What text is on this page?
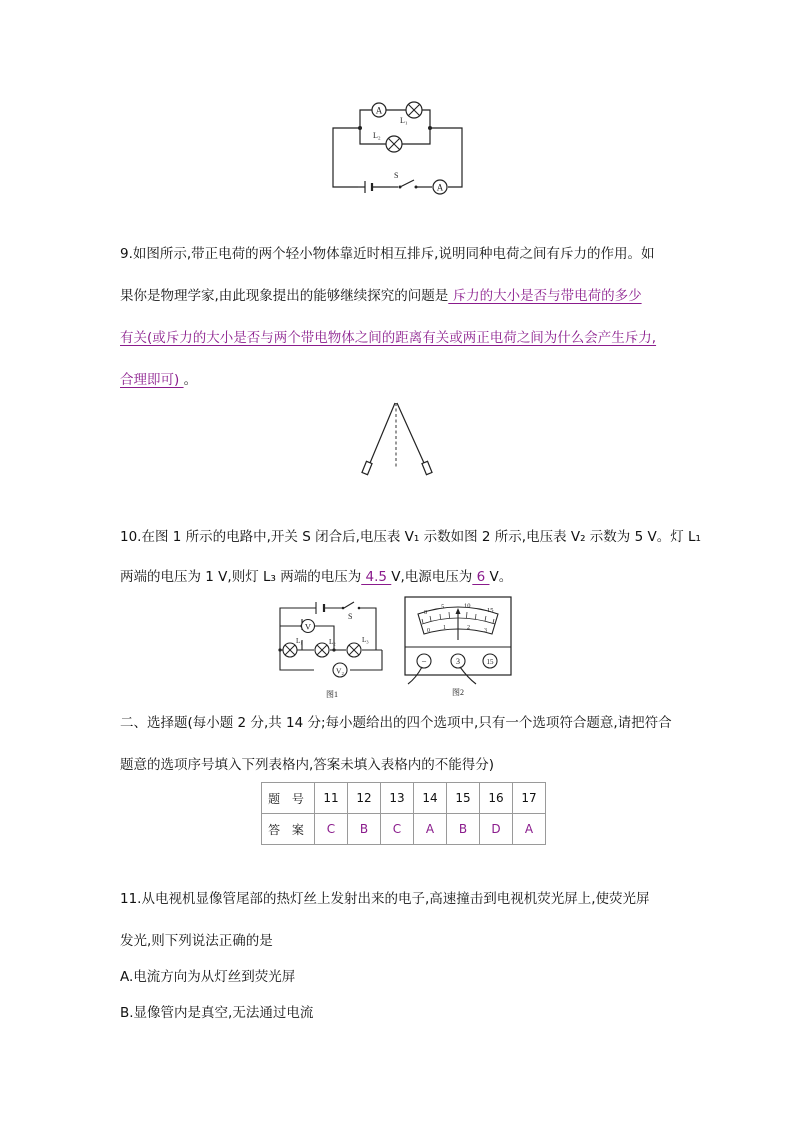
A
L₁
L₂
S
A
9.如图所示,带正电荷的两个轻小物体靠近时相互排斥,说明同种电荷之间有斥力的作用。如
果你是物理学家,由此现象提出的能够继续探究的问题是 斥力的大小是否与带电荷的多少
有关(或斥力的大小是否与两个带电物体之间的距离有关或两正电荷之间为什么会产生斥力,
合理即可) 。
10.在图 1 所示的电路中,开关 S 闭合后,电压表 V₁ 示数如图 2 所示,电压表 V₂ 示数为 5 V。灯 L₁
两端的电压为 1 V,则灯 L₃ 两端的电压为 4.5 V,电源电压为 6 V。
S
V
L₁	L₂	L₃
V₂
图1
0
5	10
15
0 1	2 3
−	3	15
图2
二、选择题(每小题 2 分,共 14 分;每小题给出的四个选项中,只有一个选项符合题意,请把符合
题意的选项序号填入下列表格内,答案未填入表格内的不能得分)
题 号	11	12	13	14	15	16	17
答 案	C	B	C	A	B	D	A
11.从电视机显像管尾部的热灯丝上发射出来的电子,高速撞击到电视机荧光屏上,使荧光屏
发光,则下列说法正确的是
A.电流方向为从灯丝到荧光屏
B.显像管内是真空,无法通过电流
